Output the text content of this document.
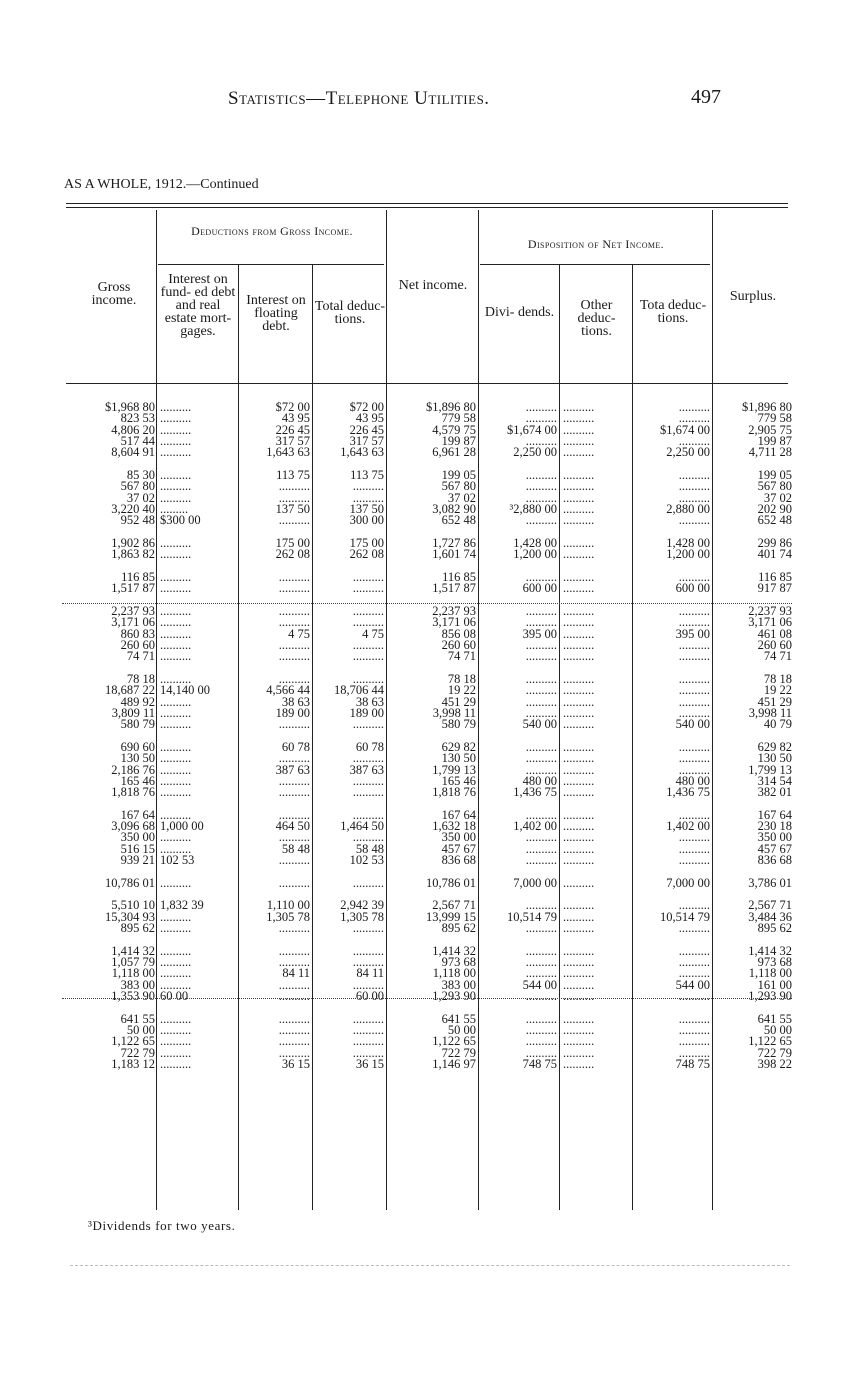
Statistics—Telephone Utilities.	497
AS A WHOLE, 1912.—Continued
Deductions from Gross Income.
Disposition of Net Income.
Gross income.
Interest on fund- ed debt and real estate mort- gages.
Interest on floating debt.
Total deduc- tions.
Net income.
Divi- dends.	Other deduc- tions.
Tota deduc- tions.
Surplus.
$1,968 80
823 53
4,806 20
517 44
8,604 91

85 30
567 80
37 02
3,220 40
952 48

1,902 86
1,863 82

116 85
1,517 87

2,237 93
3,171 06
860 83
260 60
74 71

78 18
18,687 22
489 92
3,809 11
580 79

690 60
130 50
2,186 76
165 46
1,818 76

167 64
3,096 68
350 00
516 15
939 21

10,786 01

5,510 10
15,304 93
895 62

1,414 32
1,057 79
1,118 00
383 00
1,353 90

641 55
50 00
1,122 65
722 79
1,183 12
..........
..........
..........
..........
..........

..........
..........
..........
.........
$300 00

..........
..........

..........
..........

..........
..........
..........
..........
..........

..........
14,140 00
..........
..........
..........

..........
..........
..........
..........
..........

..........
1,000 00
..........
..........
102 53

..........

1,832 39
..........
..........

..........
..........
..........
..........
60 00

..........
..........
..........
..........
..........
$72 00
43 95
226 45
317 57
1,643 63

113 75
..........
..........
137 50
..........

175 00
262 08

..........
..........

..........
..........
4 75
..........
..........

..........
4,566 44
38 63
189 00
..........

60 78
..........
387 63
..........
..........

..........
464 50
..........
58 48
..........

..........

1,110 00
1,305 78
..........

..........
..........
84 11
..........
..........

..........
..........
..........
..........
36 15
$72 00
43 95
226 45
317 57
1,643 63

113 75
..........
..........
137 50
300 00

175 00
262 08

..........
..........

..........
..........
4 75
..........
..........

..........
18,706 44
38 63
189 00
..........

60 78
..........
387 63
..........
..........

..........
1,464 50
..........
58 48
102 53

..........

2,942 39
1,305 78
..........

..........
..........
84 11
..........
60 00

..........
..........
..........
..........
36 15
$1,896 80
779 58
4,579 75
199 87
6,961 28

199 05
567 80
37 02
3,082 90
652 48

1,727 86
1,601 74

116 85
1,517 87

2,237 93
3,171 06
856 08
260 60
74 71

78 18
19 22
451 29
3,998 11
580 79

629 82
130 50
1,799 13
165 46
1,818 76

167 64
1,632 18
350 00
457 67
836 68

10,786 01

2,567 71
13,999 15
895 62

1,414 32
973 68
1,118 00
383 00
1,293 90

641 55
50 00
1,122 65
722 79
1,146 97
..........
..........
$1,674 00
..........
2,250 00

..........
..........
..........
³2,880 00
..........

1,428 00
1,200 00

..........
600 00

..........
..........
395 00
..........
..........

..........
..........
..........
..........
540 00

..........
..........
..........
480 00
1,436 75

..........
1,402 00
..........
..........
..........

7,000 00

..........
10,514 79
..........

..........
..........
..........
544 00
..........

..........
..........
..........
..........
748 75
..........
..........
..........
..........
..........

..........
..........
..........
..........
..........

..........
..........

..........
..........

..........
..........
..........
..........
..........

..........
..........
..........
..........
..........

..........
..........
..........
..........
..........

..........
..........
..........
..........
..........

..........

..........
..........
..........

..........
..........
..........
..........
..........

..........
..........
..........
..........
..........
..........
..........
$1,674 00
..........
2,250 00

..........
..........
..........
2,880 00
..........

1,428 00
1,200 00

..........
600 00

..........
..........
395 00
..........
..........

..........
..........
..........
..........
540 00

..........
..........
..........
480 00
1,436 75

..........
1,402 00
..........
..........
..........

7,000 00

..........
10,514 79
..........

..........
..........
..........
544 00
..........

..........
..........
..........
..........
748 75
$1,896 80
779 58
2,905 75
199 87
4,711 28

199 05
567 80
37 02
202 90
652 48

299 86
401 74

116 85
917 87

2,237 93
3,171 06
461 08
260 60
74 71

78 18
19 22
451 29
3,998 11
40 79

629 82
130 50
1,799 13
314 54
382 01

167 64
230 18
350 00
457 67
836 68

3,786 01

2,567 71
3,484 36
895 62

1,414 32
973 68
1,118 00
161 00
1,293 90

641 55
50 00
1,122 65
722 79
398 22
³Dividends for two years.
